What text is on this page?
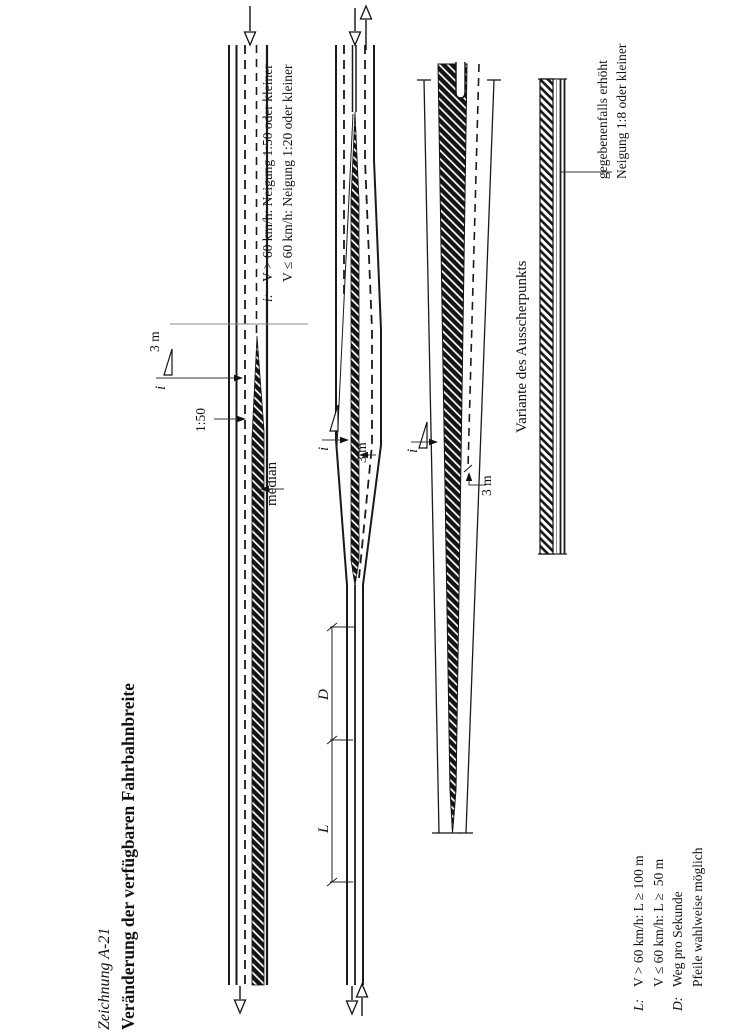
Zeichnung A-21 Veränderung der verfügbaren Fahrbahnbreite
i:
V > 60 km/h: Neigung 1:50 oder kleiner V ≤ 60 km/h: Neigung 1:20 oder kleiner
3 m
i
1:50
median
i 3 m
D
L
i
3 m
gegebenenfalls erhöht Neigung 1:8 oder kleiner
Variante des Ausscherpunkts
L:
V > 60 km/h: L ≥ 100 m V ≤ 60 km/h: L ≥  50 m
D:
Weg pro Sekunde Pfeile wahlweise möglich
